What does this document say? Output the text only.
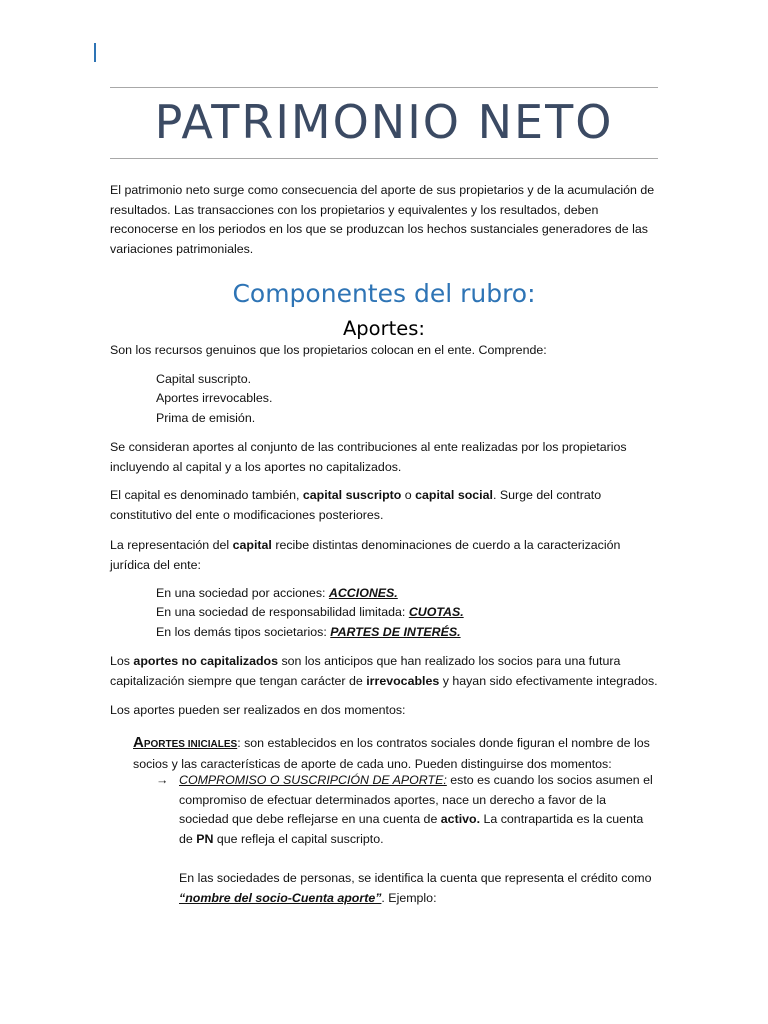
PATRIMONIO NETO

El patrimonio neto surge como consecuencia del aporte de sus propietarios y de la acumulación de resultados. Las transacciones con los propietarios y equivalentes y los resultados, deben reconocerse en los periodos en los que se produzcan los hechos sustanciales generadores de las variaciones patrimoniales.

Componentes del rubro:
Aportes:

Son los recursos genuinos que los propietarios colocan en el ente. Comprende:

Capital suscripto.
Aportes irrevocables.
Prima de emisión.

Se consideran aportes al conjunto de las contribuciones al ente realizadas por los propietarios incluyendo al capital y a los aportes no capitalizados.

El capital es denominado también, capital suscripto o capital social. Surge del contrato constitutivo del ente o modificaciones posteriores.

La representación del capital recibe distintas denominaciones de cuerdo a la caracterización jurídica del ente:

En una sociedad por acciones: ACCIONES.
En una sociedad de responsabilidad limitada: CUOTAS.
En los demás tipos societarios: PARTES DE INTERÉS.

Los aportes no capitalizados son los anticipos que han realizado los socios para una futura capitalización siempre que tengan carácter de irrevocables y hayan sido efectivamente integrados.

Los aportes pueden ser realizados en dos momentos:

APORTES INICIALES: son establecidos en los contratos sociales donde figuran el nombre de los socios y las características de aporte de cada uno. Pueden distinguirse dos momentos:
→ COMPROMISO O SUSCRIPCIÓN DE APORTE: esto es cuando los socios asumen el compromiso de efectuar determinados aportes, nace un derecho a favor de la sociedad que debe reflejarse en una cuenta de activo. La contrapartida es la cuenta de PN que refleja el capital suscripto.
En las sociedades de personas, se identifica la cuenta que representa el crédito como “nombre del socio-Cuenta aporte”. Ejemplo:
